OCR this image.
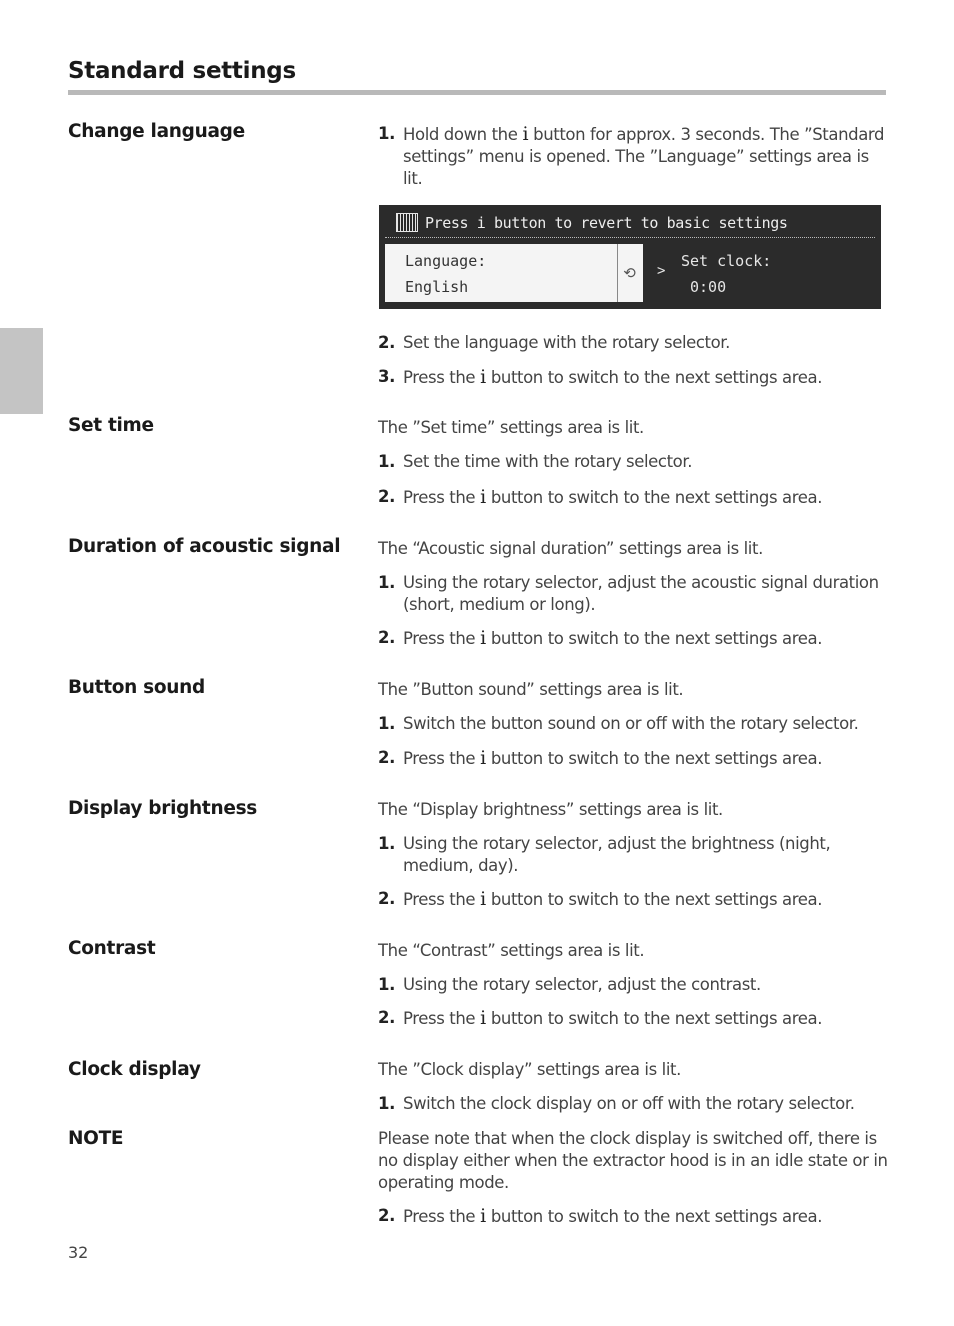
Standard settings
Change language	1. Hold down the i button for approx. 3 seconds. The ”Standard settings” menu is opened. The ”Language” settings area is lit.
Press i button to revert to basic settings
Language:
English
⟲	>
Set clock:
0:00
2. Set the language with the rotary selector.
3. Press the i button to switch to the next settings area.
Set time	The ”Set time” settings area is lit.
1. Set the time with the rotary selector.
2. Press the i button to switch to the next settings area.
Duration of acoustic signal The “Acoustic signal duration” settings area is lit.
1. Using the rotary selector, adjust the acoustic signal duration (short, medium or long).
2. Press the i button to switch to the next settings area.
Button sound	The ”Button sound” settings area is lit.
1. Switch the button sound on or off with the rotary selector.
2. Press the i button to switch to the next settings area.
Display brightness	The “Display brightness” settings area is lit.
1. Using the rotary selector, adjust the brightness (night, medium, day).
2. Press the i button to switch to the next settings area.
Contrast	The “Contrast” settings area is lit.
1. Using the rotary selector, adjust the contrast.
2. Press the i button to switch to the next settings area.
Clock display	The ”Clock display” settings area is lit.
1. Switch the clock display on or off with the rotary selector.
NOTE	Please note that when the clock display is switched off, there is no display either when the extractor hood is in an idle state or in operating mode.
2. Press the i button to switch to the next settings area.
32
